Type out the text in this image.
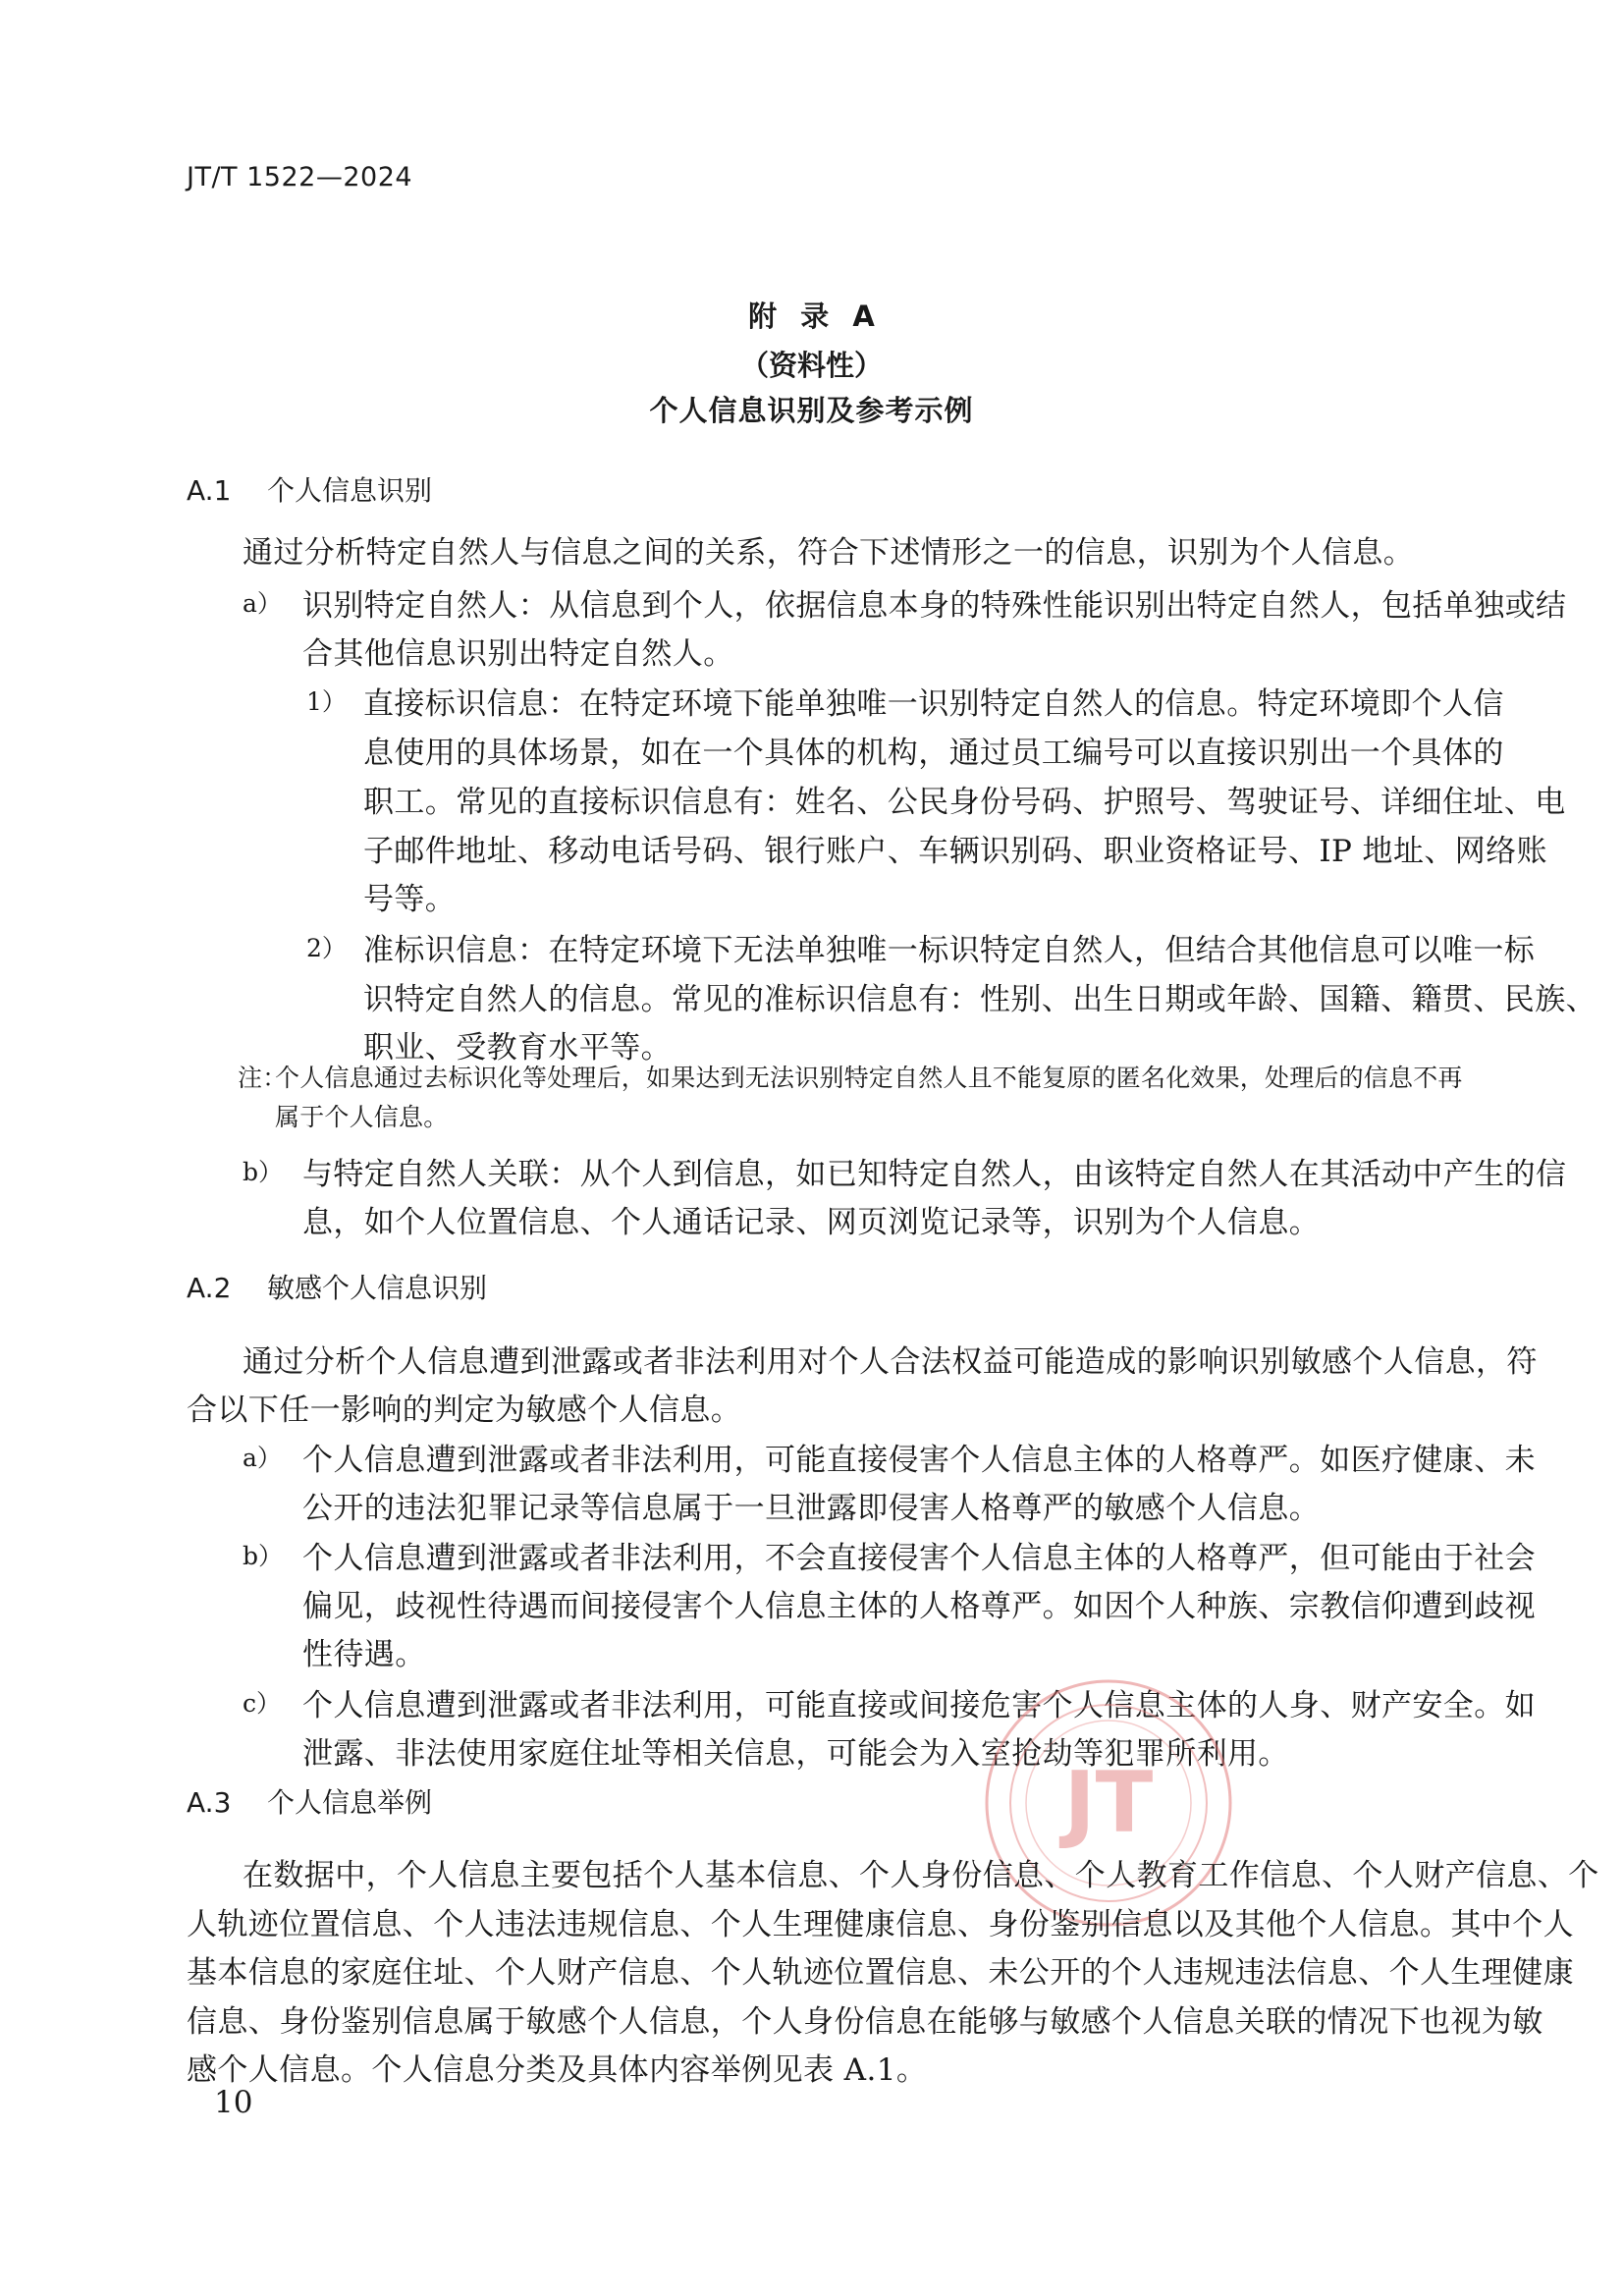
JT/T 1522—2024
附 录 A
（资料性）
个人信息识别及参考示例
A.1 个人信息识别
通过分析特定自然人与信息之间的关系，符合下述情形之一的信息，识别为个人信息。
a） 识别特定自然人：从信息到个人，依据信息本身的特殊性能识别出特定自然人，包括单独或结
合其他信息识别出特定自然人。
1） 直接标识信息：在特定环境下能单独唯一识别特定自然人的信息。特定环境即个人信
息使用的具体场景，如在一个具体的机构，通过员工编号可以直接识别出一个具体的
职工。常见的直接标识信息有：姓名、公民身份号码、护照号、驾驶证号、详细住址、电
子邮件地址、移动电话号码、银行账户、车辆识别码、职业资格证号、IP 地址、网络账
号等。
2） 准标识信息：在特定环境下无法单独唯一标识特定自然人，但结合其他信息可以唯一标
识特定自然人的信息。常见的准标识信息有：性别、出生日期或年龄、国籍、籍贯、民族、
职业、受教育水平等。
注：
个人信息通过去标识化等处理后，如果达到无法识别特定自然人且不能复原的匿名化效果，处理后的信息不再
属于个人信息。
b） 与特定自然人关联：从个人到信息，如已知特定自然人，由该特定自然人在其活动中产生的信
息，如个人位置信息、个人通话记录、网页浏览记录等，识别为个人信息。
A.2 敏感个人信息识别
通过分析个人信息遭到泄露或者非法利用对个人合法权益可能造成的影响识别敏感个人信息，符
合以下任一影响的判定为敏感个人信息。
a） 个人信息遭到泄露或者非法利用，可能直接侵害个人信息主体的人格尊严。如医疗健康、未
公开的违法犯罪记录等信息属于一旦泄露即侵害人格尊严的敏感个人信息。
b） 个人信息遭到泄露或者非法利用，不会直接侵害个人信息主体的人格尊严，但可能由于社会
偏见，歧视性待遇而间接侵害个人信息主体的人格尊严。如因个人种族、宗教信仰遭到歧视
性待遇。
c） 个人信息遭到泄露或者非法利用，可能直接或间接危害个人信息主体的人身、财产安全。如
泄露、非法使用家庭住址等相关信息，可能会为入室抢劫等犯罪所利用。
JT
A.3 个人信息举例
在数据中，个人信息主要包括个人基本信息、个人身份信息、个人教育工作信息、个人财产信息、个
人轨迹位置信息、个人违法违规信息、个人生理健康信息、身份鉴别信息以及其他个人信息。其中个人
基本信息的家庭住址、个人财产信息、个人轨迹位置信息、未公开的个人违规违法信息、个人生理健康
信息、身份鉴别信息属于敏感个人信息，个人身份信息在能够与敏感个人信息关联的情况下也视为敏
感个人信息。个人信息分类及具体内容举例见表 A.1。
10
